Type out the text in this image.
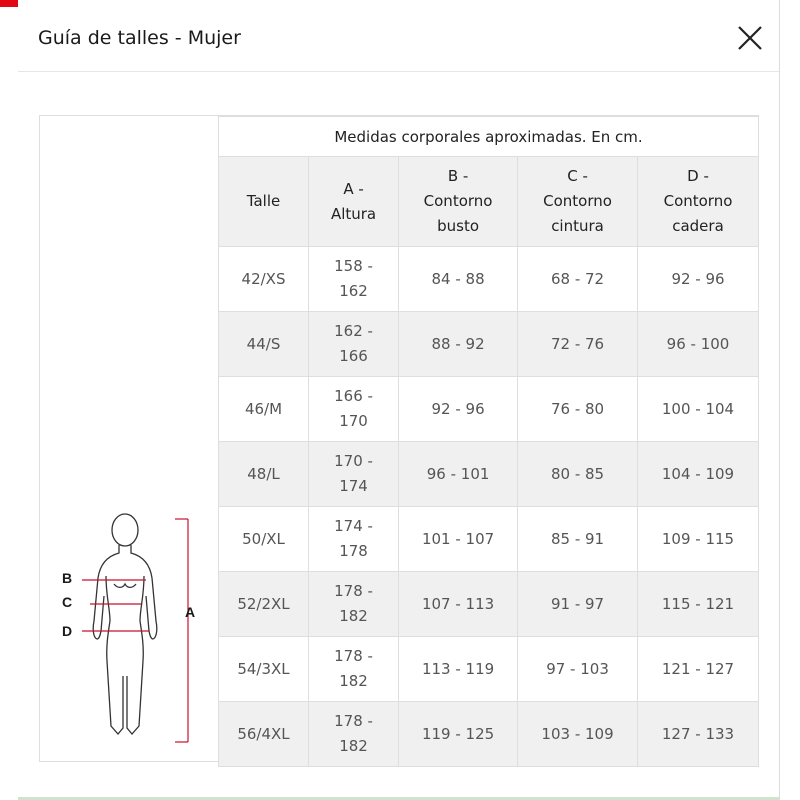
Guía de talles - Mujer
B
C
D
A
Medidas corporales aproximadas. En cm.				
Talle	A - Altura	B - Contorno busto	C - Contorno cintura	D - Contorno cadera

42/XS	158 - 162	84 - 88	68 - 72	92 - 96
44/S	162 - 166	88 - 92	72 - 76	96 - 100
46/M	166 - 170	92 - 96	76 - 80	100 - 104
48/L	170 - 174	96 - 101	80 - 85	104 - 109
50/XL	174 - 178	101 - 107	85 - 91	109 - 115
52/2XL	178 - 182	107 - 113	91 - 97	115 - 121
54/3XL	178 - 182	113 - 119	97 - 103	121 - 127
56/4XL	178 - 182	119 - 125	103 - 109	127 - 133
